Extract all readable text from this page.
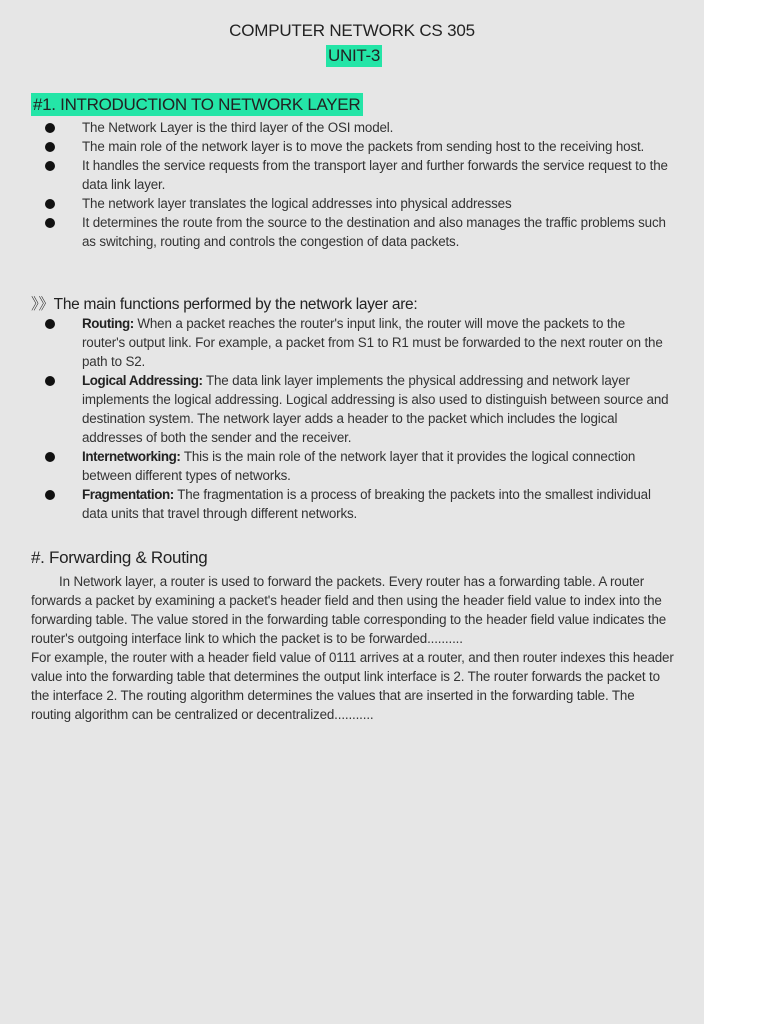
COMPUTER NETWORK CS 305
UNIT-3
#1. INTRODUCTION TO NETWORK LAYER
The Network Layer is the third layer of the OSI model.
The main role of the network layer is to move the packets from sending host to the receiving host.
It handles the service requests from the transport layer and further forwards the service request to the data link layer.
The network layer translates the logical addresses into physical addresses
It determines the route from the source to the destination and also manages the traffic problems such as switching, routing and controls the congestion of data packets.
》》The main functions performed by the network layer are:
Routing: When a packet reaches the router's input link, the router will move the packets to the router's output link. For example, a packet from S1 to R1 must be forwarded to the next router on the path to S2.
Logical Addressing: The data link layer implements the physical addressing and network layer implements the logical addressing. Logical addressing is also used to distinguish between source and destination system. The network layer adds a header to the packet which includes the logical addresses of both the sender and the receiver.
Internetworking: This is the main role of the network layer that it provides the logical connection between different types of networks.
Fragmentation: The fragmentation is a process of breaking the packets into the smallest individual data units that travel through different networks.
#. Forwarding & Routing

In Network layer, a router is used to forward the packets. Every router has a forwarding table. A router forwards a packet by examining a packet's header field and then using the header field value to index into the forwarding table. The value stored in the forwarding table corresponding to the header field value indicates the router's outgoing interface link to which the packet is to be forwarded..........

For example, the router with a header field value of 0111 arrives at a router, and then router indexes this header value into the forwarding table that determines the output link interface is 2. The router forwards the packet to the interface 2. The routing algorithm determines the values that are inserted in the forwarding table. The routing algorithm can be centralized or decentralized...........
